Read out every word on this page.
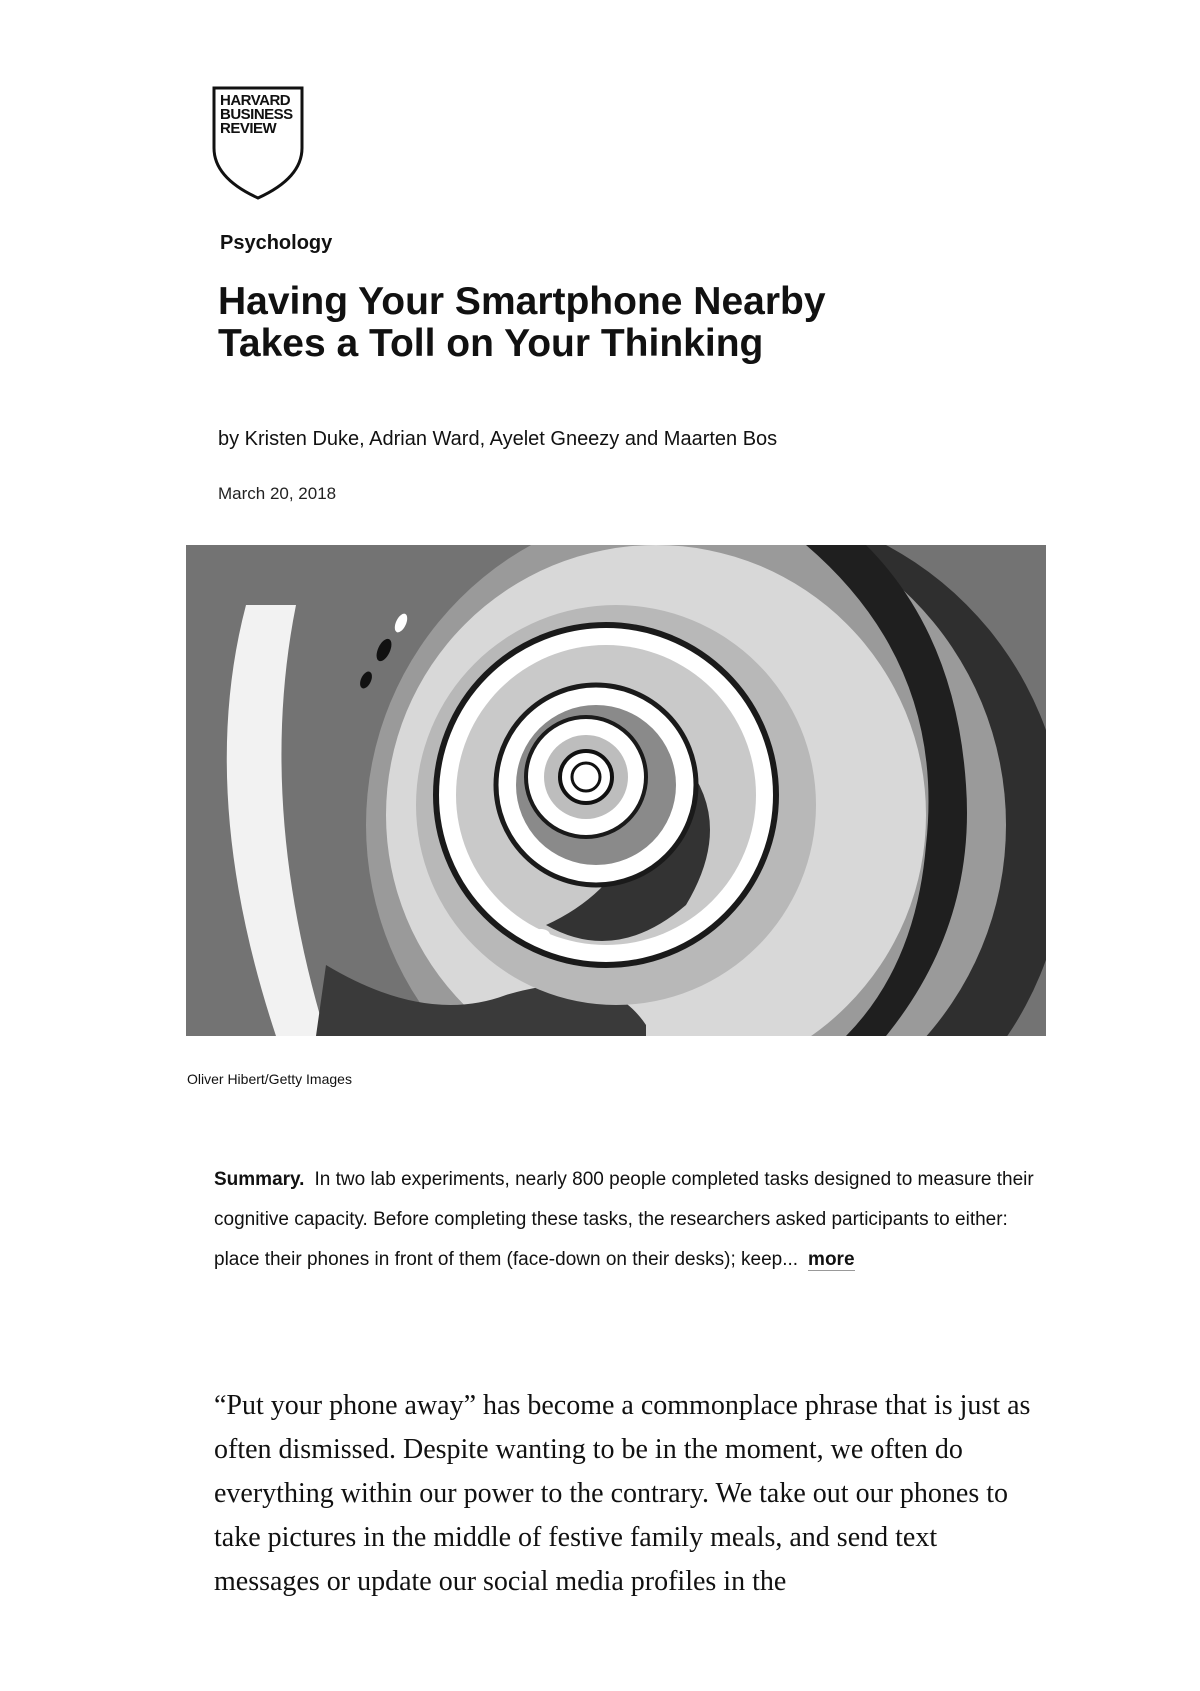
HARVARD
BUSINESS
REVIEW
Psychology
Having Your Smartphone Nearby Takes a Toll on Your Thinking
by Kristen Duke, Adrian Ward, Ayelet Gneezy and Maarten Bos
March 20, 2018
Oliver Hibert/Getty Images
Summary. In two lab experiments, nearly 800 people completed tasks designed to measure their cognitive capacity. Before completing these tasks, the researchers asked participants to either: place their phones in front of them (face-down on their desks); keep... more

“Put your phone away” has become a commonplace phrase that is just as often dismissed. Despite wanting to be in the moment, we often do everything within our power to the contrary. We take out our phones to take pictures in the middle of festive family meals, and send text messages or update our social media profiles in the
